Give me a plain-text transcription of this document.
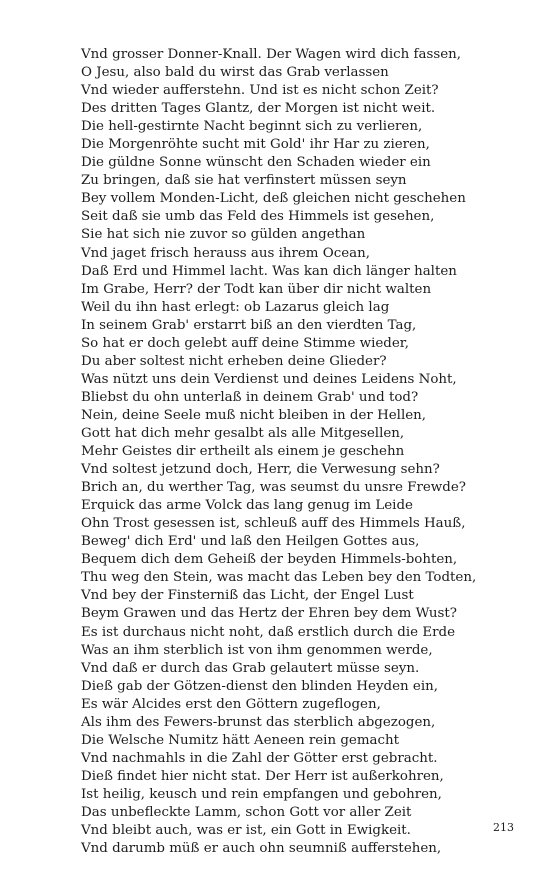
Vnd grosser Donner-Knall. Der Wagen wird dich fassen,
O Jesu, also bald du wirst das Grab verlassen
Vnd wieder aufferstehn. Und ist es nicht schon Zeit?
Des dritten Tages Glantz, der Morgen ist nicht weit.
Die hell-gestirnte Nacht beginnt sich zu verlieren,
Die Morgenröhte sucht mit Gold' ihr Har zu zieren,
Die güldne Sonne wünscht den Schaden wieder ein
Zu bringen, daß sie hat verfinstert müssen seyn
Bey vollem Monden-Licht, deß gleichen nicht geschehen
Seit daß sie umb das Feld des Himmels ist gesehen,
Sie hat sich nie zuvor so gülden angethan
Vnd jaget frisch herauss aus ihrem Ocean,
Daß Erd und Himmel lacht. Was kan dich länger halten
Im Grabe, Herr? der Todt kan über dir nicht walten
Weil du ihn hast erlegt: ob Lazarus gleich lag
In seinem Grab' erstarrt biß an den vierdten Tag,
So hat er doch gelebt auff deine Stimme wieder,
Du aber soltest nicht erheben deine Glieder?
Was nützt uns dein Verdienst und deines Leidens Noht,
Bliebst du ohn unterlaß in deinem Grab' und tod?
Nein, deine Seele muß nicht bleiben in der Hellen,
Gott hat dich mehr gesalbt als alle Mitgesellen,
Mehr Geistes dir ertheilt als einem je geschehn
Vnd soltest jetzund doch, Herr, die Verwesung sehn?
Brich an, du werther Tag, was seumst du unsre Frewde?
Erquick das arme Volck das lang genug im Leide
Ohn Trost gesessen ist, schleuß auff des Himmels Hauß,
Beweg' dich Erd' und laß den Heilgen Gottes aus,
Bequem dich dem Geheiß der beyden Himmels-bohten,
Thu weg den Stein, was macht das Leben bey den Todten,
Vnd bey der Finsterniß das Licht, der Engel Lust
Beym Grawen und das Hertz der Ehren bey dem Wust?
Es ist durchaus nicht noht, daß erstlich durch die Erde
Was an ihm sterblich ist von ihm genommen werde,
Vnd daß er durch das Grab gelautert müsse seyn.
Dieß gab der Götzen-dienst den blinden Heyden ein,
Es wär Alcides erst den Göttern zugeflogen,
Als ihm des Fewers-brunst das sterblich abgezogen,
Die Welsche Numitz hätt Aeneen rein gemacht
Vnd nachmahls in die Zahl der Götter erst gebracht.
Dieß findet hier nicht stat. Der Herr ist außerkohren,
Ist heilig, keusch und rein empfangen und gebohren,
Das unbefleckte Lamm, schon Gott vor aller Zeit
Vnd bleibt auch, was er ist, ein Gott in Ewigkeit.
Vnd darumb müß er auch ohn seumniß aufferstehen,
213
